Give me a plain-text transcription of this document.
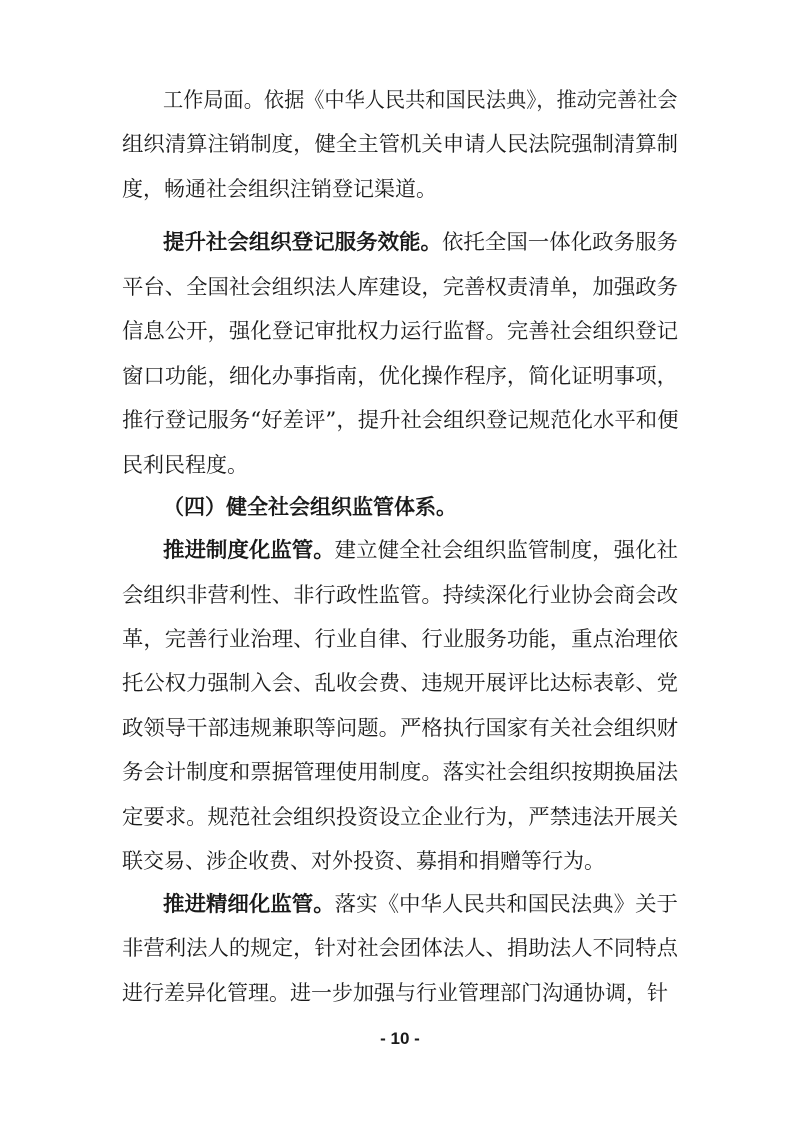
工作局面。依据《中华人民共和国民法典》，推动完善社会
组织清算注销制度，健全主管机关申请人民法院强制清算制
度，畅通社会组织注销登记渠道。
提升社会组织登记服务效能。依托全国一体化政务服务
平台、全国社会组织法人库建设，完善权责清单，加强政务
信息公开，强化登记审批权力运行监督。完善社会组织登记
窗口功能，细化办事指南，优化操作程序，简化证明事项，
推行登记服务“好差评”，提升社会组织登记规范化水平和便
民利民程度。
（四）健全社会组织监管体系。
推进制度化监管。建立健全社会组织监管制度，强化社
会组织非营利性、非行政性监管。持续深化行业协会商会改
革，完善行业治理、行业自律、行业服务功能，重点治理依
托公权力强制入会、乱收会费、违规开展评比达标表彰、党
政领导干部违规兼职等问题。严格执行国家有关社会组织财
务会计制度和票据管理使用制度。落实社会组织按期换届法
定要求。规范社会组织投资设立企业行为，严禁违法开展关
联交易、涉企收费、对外投资、募捐和捐赠等行为。
推进精细化监管。落实《中华人民共和国民法典》关于
非营利法人的规定，针对社会团体法人、捐助法人不同特点
进行差异化管理。进一步加强与行业管理部门沟通协调，针
- 10 -
